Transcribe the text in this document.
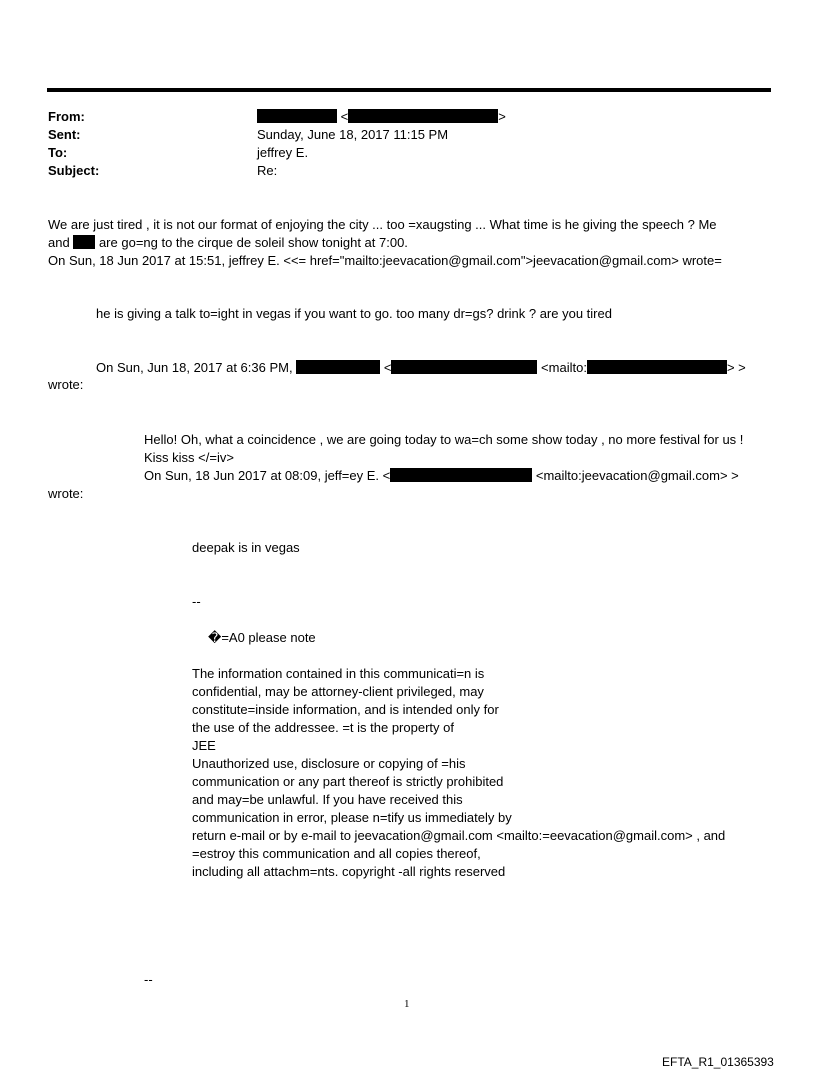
From:	<	>
Sent:	Sunday, June 18, 2017 11:15 PM
To:	jeffrey E.
Subject:	Re:
We are just tired , it is not our format of enjoying the city ... too =xaugsting ... What time is he giving the speech ? Me
and are go=ng to the cirque de soleil show tonight at 7:00.
On Sun, 18 Jun 2017 at 15:51, jeffrey E. <<= href="mailto:jeevacation@gmail.com">jeevacation@gmail.com> wrote=
he is giving a talk to=ight in vegas if you want to go. too many dr=gs? drink ? are you tired
On Sun, Jun 18, 2017 at 6:36 PM,	<	<mailto:	> >
wrote:
Hello! Oh, what a coincidence , we are going today to wa=ch some show today , no more festival for us !
Kiss kiss </=iv>
On Sun, 18 Jun 2017 at 08:09, jeff=ey E. <	<mailto:jeevacation@gmail.com> >
wrote:
deepak is in vegas
--
�=A0 please note
The information contained in this communicati=n is
confidential, may be attorney-client privileged, may
constitute=inside information, and is intended only for
the use of the addressee. =t is the property of
JEE
Unauthorized use, disclosure or copying of =his
communication or any part thereof is strictly prohibited
and may=be unlawful. If you have received this
communication in error, please n=tify us immediately by
return e-mail or by e-mail to jeevacation@gmail.com <mailto:=eevacation@gmail.com> , and
=estroy this communication and all copies thereof,
including all attachm=nts. copyright -all rights reserved
--
1
EFTA_R1_01365393
